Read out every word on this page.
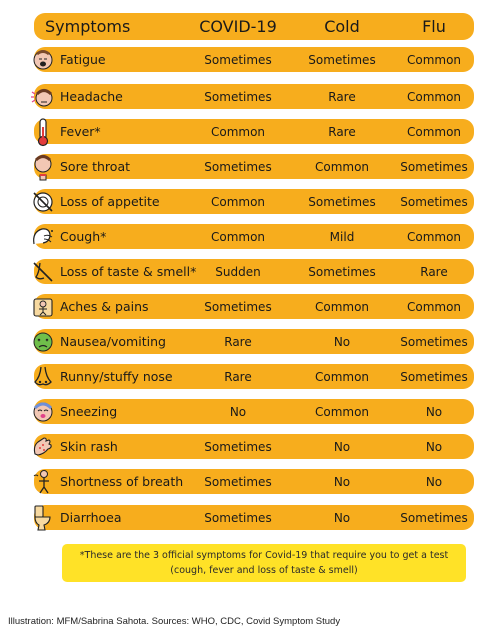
Symptoms	COVID-19	Cold	Flu
Fatigue	Sometimes	Sometimes	Common
Headache	Sometimes	Rare	Common
Fever*	Common	Rare	Common
Sore throat	Sometimes	Common	Sometimes
Loss of appetite	Common	Sometimes	Sometimes
Cough*	Common	Mild	Common
Loss of taste & smell*	Sudden	Sometimes	Rare
Aches & pains	Sometimes	Common	Common
Nausea/vomiting	Rare	No	Sometimes
Runny/stuffy nose	Rare	Common	Sometimes
Sneezing	No	Common	No
Skin rash	Sometimes	No	No
Shortness of breath	Sometimes	No	No
Diarrhoea	Sometimes	No	Sometimes
*These are the 3 official symptoms for Covid-19 that require you to get a test
(cough, fever and loss of taste & smell)
Illustration: MFM/Sabrina Sahota. Sources: WHO, CDC, Covid Symptom Study
